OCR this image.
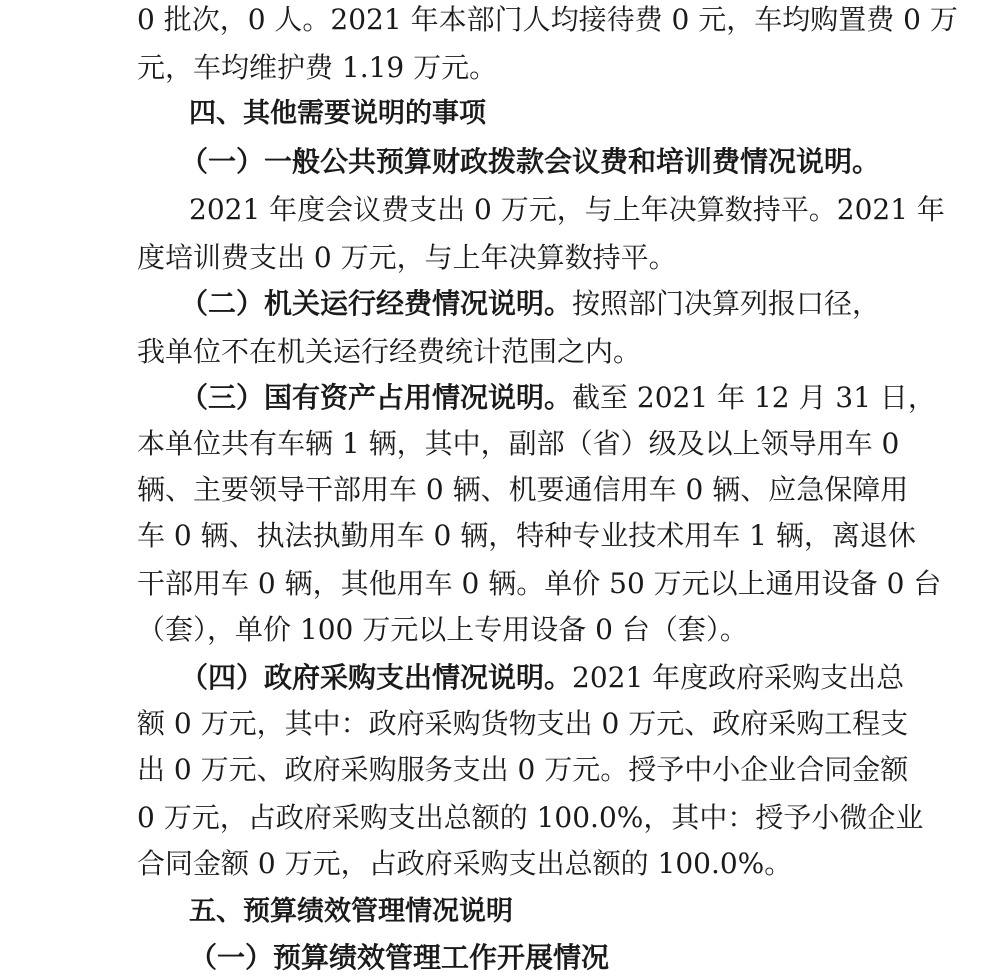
0 批次，0 人。2021 年本部门人均接待费 0 元，车均购置费 0 万
元，车均维护费 1.19 万元。
四、其他需要说明的事项
（一）一般公共预算财政拨款会议费和培训费情况说明。
2021 年度会议费支出 0 万元，与上年决算数持平。2021 年
度培训费支出 0 万元，与上年决算数持平。
（二）机关运行经费情况说明。按照部门决算列报口径，
我单位不在机关运行经费统计范围之内。
（三）国有资产占用情况说明。截至 2021 年 12 月 31 日，
本单位共有车辆 1 辆，其中，副部（省）级及以上领导用车 0
辆、主要领导干部用车 0 辆、机要通信用车 0 辆、应急保障用
车 0 辆、执法执勤用车 0 辆，特种专业技术用车 1 辆，离退休
干部用车 0 辆，其他用车 0 辆。单价 50 万元以上通用设备 0 台
（套），单价 100 万元以上专用设备 0 台（套）。
（四）政府采购支出情况说明。2021 年度政府采购支出总
额 0 万元，其中：政府采购货物支出 0 万元、政府采购工程支
出 0 万元、政府采购服务支出 0 万元。授予中小企业合同金额
0 万元，占政府采购支出总额的 100.0%，其中：授予小微企业
合同金额 0 万元，占政府采购支出总额的 100.0%。
五、预算绩效管理情况说明
（一）预算绩效管理工作开展情况
